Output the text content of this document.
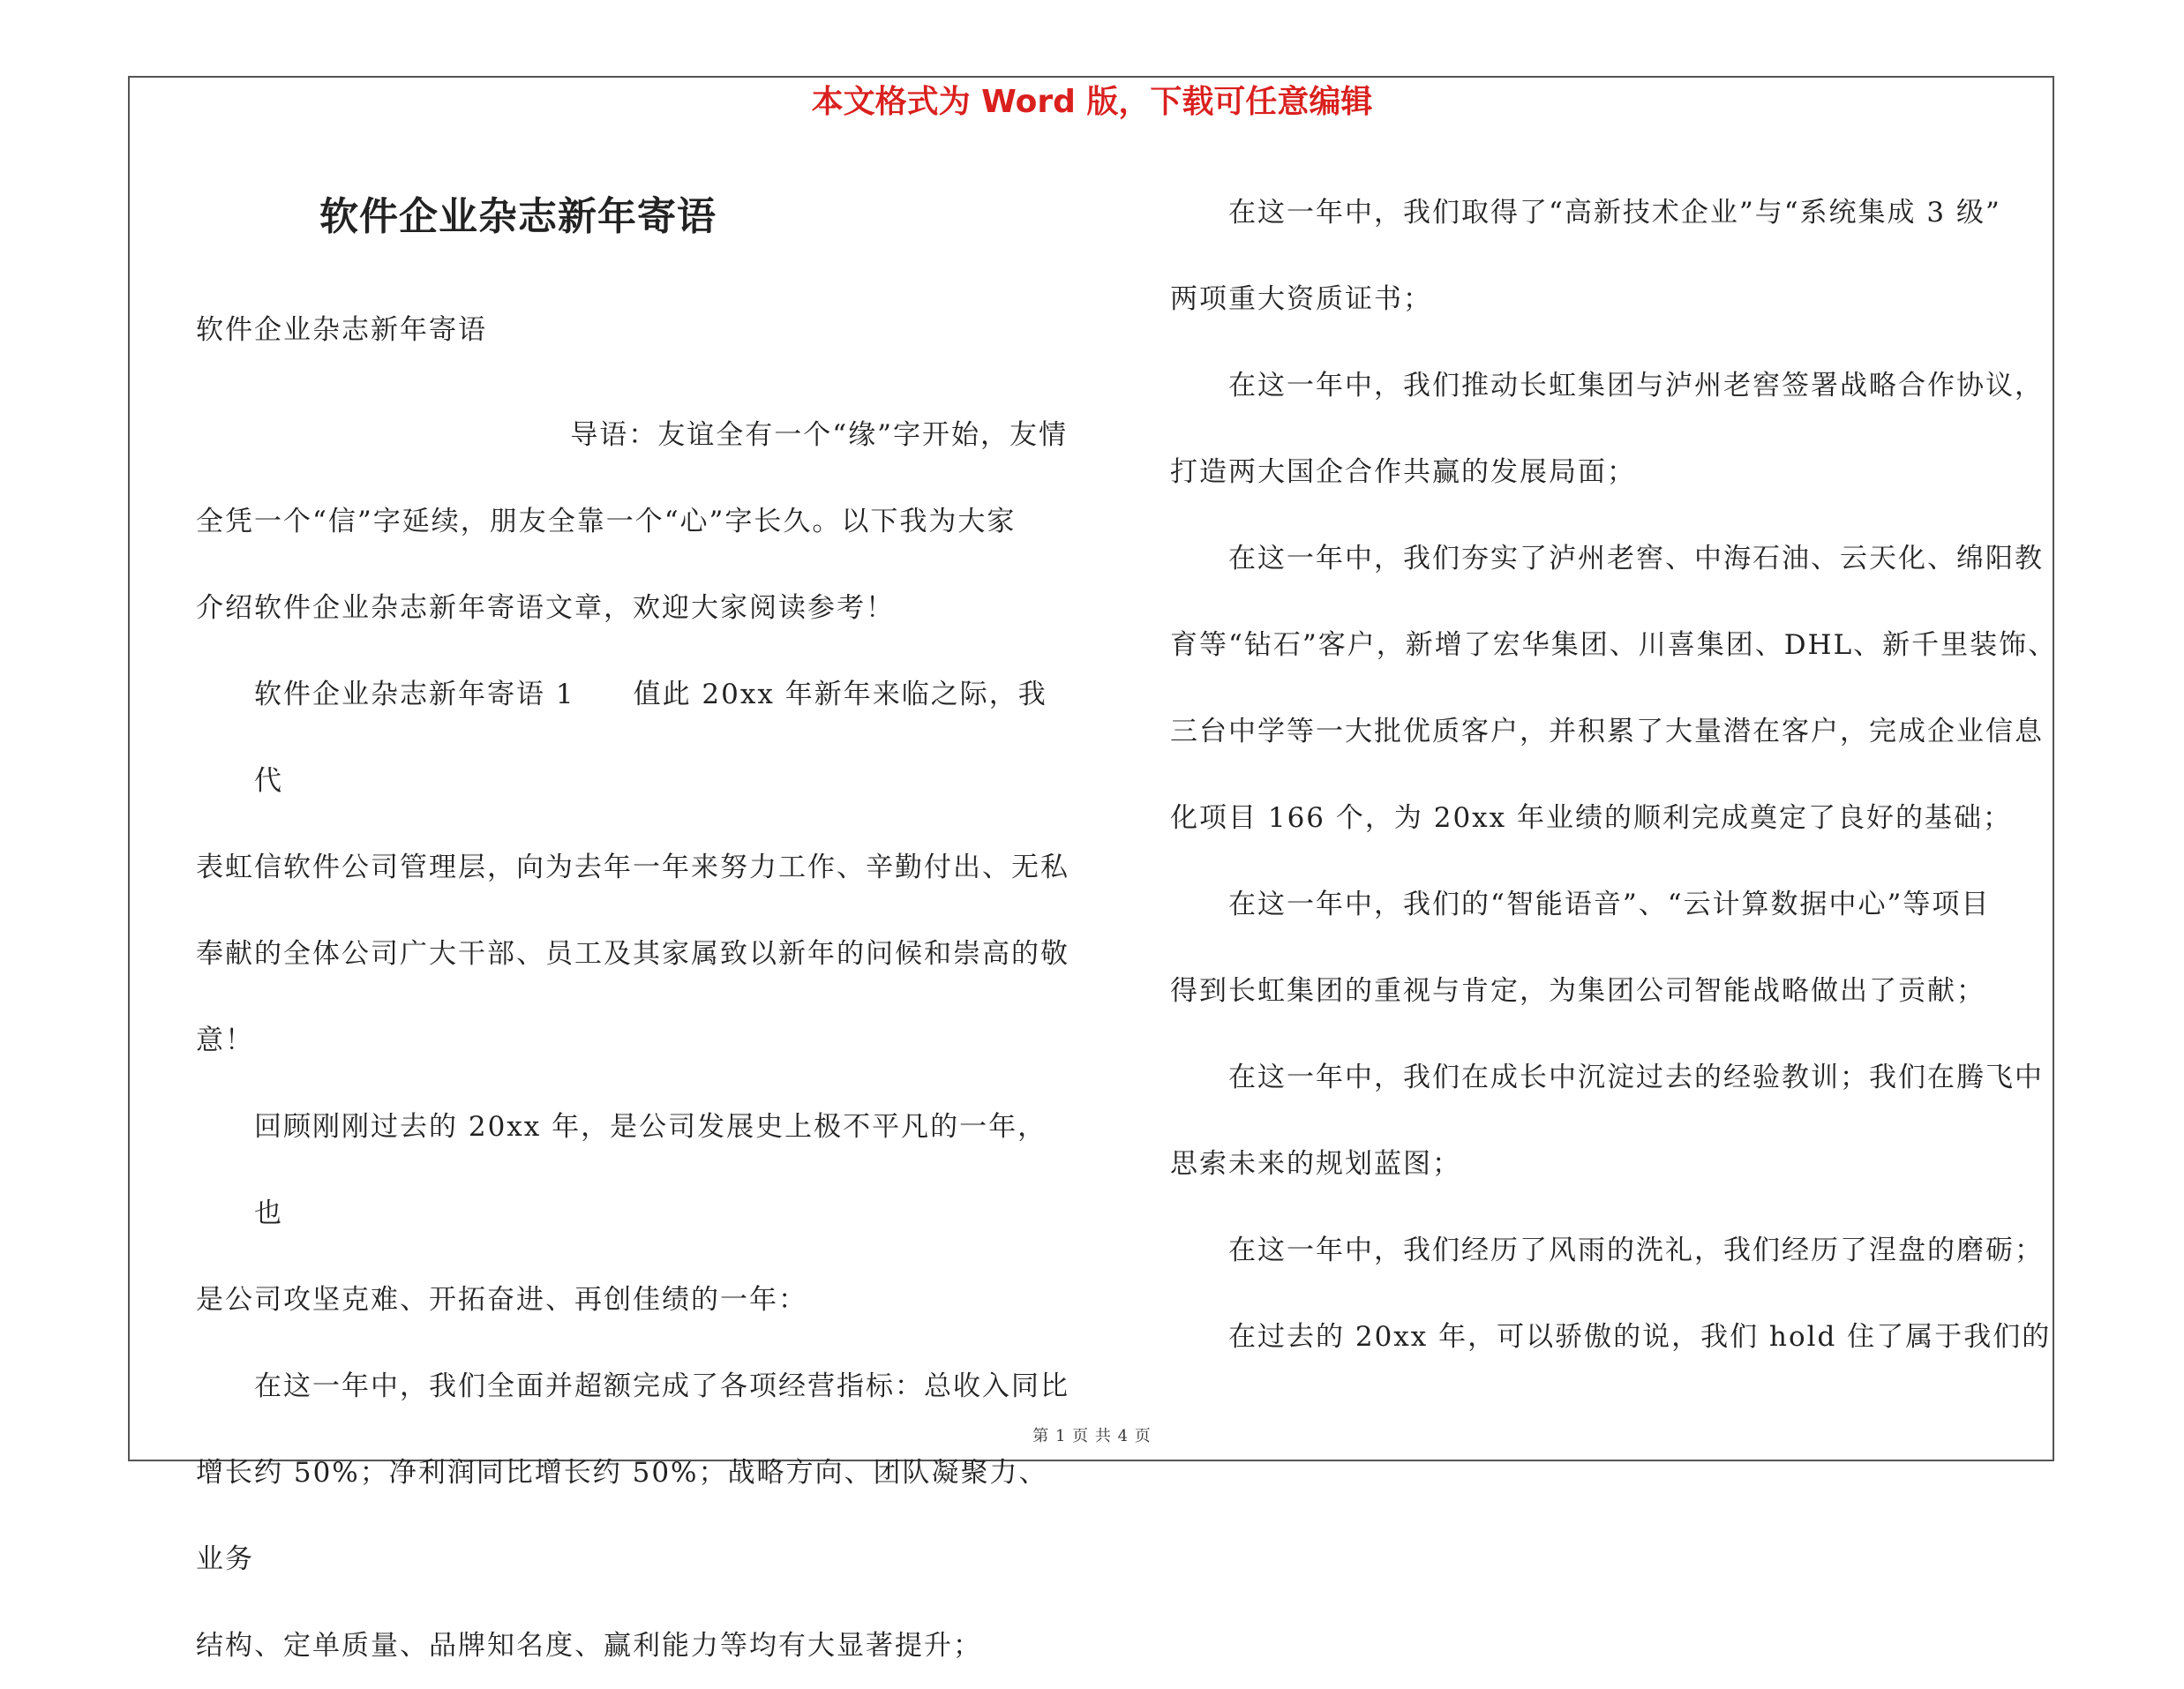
本文格式为 Word 版，下载可任意编辑
软件企业杂志新年寄语
软件企业杂志新年寄语
导语：友谊全有一个“缘”字开始，友情
全凭一个“信”字延续，朋友全靠一个“心”字长久。以下我为大家
介绍软件企业杂志新年寄语文章，欢迎大家阅读参考！
软件企业杂志新年寄语 1　　值此 20xx 年新年来临之际，我代
表虹信软件公司管理层，向为去年一年来努力工作、辛勤付出、无私
奉献的全体公司广大干部、员工及其家属致以新年的问候和崇高的敬
意！
回顾刚刚过去的 20xx 年，是公司发展史上极不平凡的一年，也
是公司攻坚克难、开拓奋进、再创佳绩的一年：
在这一年中，我们全面并超额完成了各项经营指标：总收入同比
增长约 50%；净利润同比增长约 50%；战略方向、团队凝聚力、业务
结构、定单质量、品牌知名度、赢利能力等均有大显著提升；
在这一年中，我们取得了“高新技术企业”与“系统集成 3 级”
两项重大资质证书；
在这一年中，我们推动长虹集团与泸州老窖签署战略合作协议，
打造两大国企合作共赢的发展局面；
在这一年中，我们夯实了泸州老窖、中海石油、云天化、绵阳教
育等“钻石”客户，新增了宏华集团、川喜集团、DHL、新千里装饰、
三台中学等一大批优质客户，并积累了大量潜在客户，完成企业信息
化项目 166 个，为 20xx 年业绩的顺利完成奠定了良好的基础；
在这一年中，我们的“智能语音”、“云计算数据中心”等项目
得到长虹集团的重视与肯定，为集团公司智能战略做出了贡献；
在这一年中，我们在成长中沉淀过去的经验教训；我们在腾飞中
思索未来的规划蓝图；
在这一年中，我们经历了风雨的洗礼，我们经历了涅盘的磨砺；
在过去的 20xx 年，可以骄傲的说，我们 hold 住了属于我们的
第 1 页 共 4 页
